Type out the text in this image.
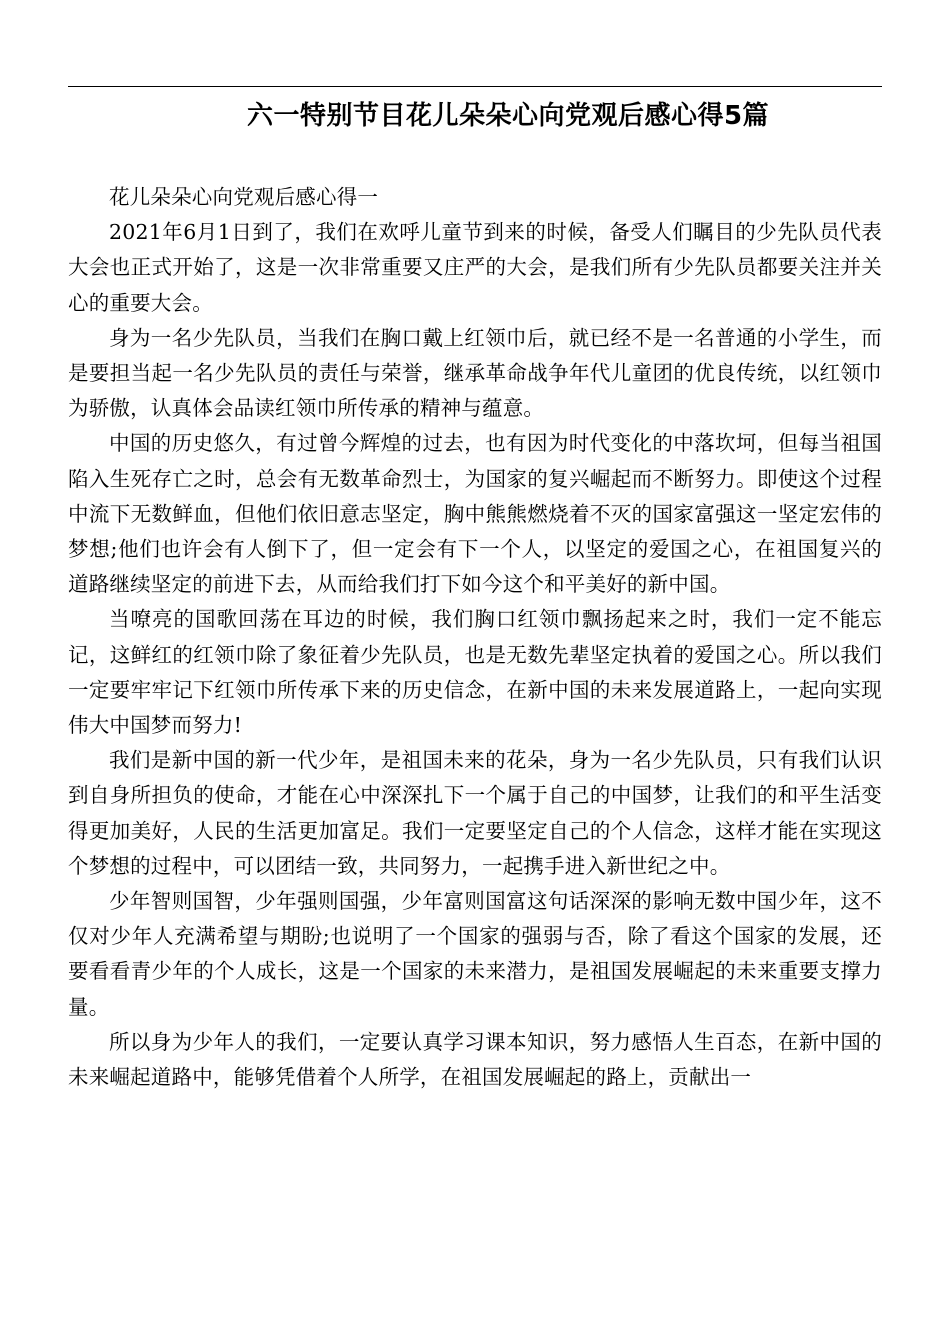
六一特别节目花儿朵朵心向党观后感心得5篇

花儿朵朵心向党观后感心得一

2021年6月1日到了，我们在欢呼儿童节到来的时候，备受人们瞩目的少先队员代表大会也正式开始了，这是一次非常重要又庄严的大会，是我们所有少先队员都要关注并关心的重要大会。

身为一名少先队员，当我们在胸口戴上红领巾后，就已经不是一名普通的小学生，而是要担当起一名少先队员的责任与荣誉，继承革命战争年代儿童团的优良传统，以红领巾为骄傲，认真体会品读红领巾所传承的精神与蕴意。

中国的历史悠久，有过曾今辉煌的过去，也有因为时代变化的中落坎坷，但每当祖国陷入生死存亡之时，总会有无数革命烈士，为国家的复兴崛起而不断努力。即使这个过程中流下无数鲜血，但他们依旧意志坚定，胸中熊熊燃烧着不灭的国家富强这一坚定宏伟的梦想;他们也许会有人倒下了，但一定会有下一个人，以坚定的爱国之心，在祖国复兴的道路继续坚定的前进下去，从而给我们打下如今这个和平美好的新中国。

当嘹亮的国歌回荡在耳边的时候，我们胸口红领巾飘扬起来之时，我们一定不能忘记，这鲜红的红领巾除了象征着少先队员，也是无数先辈坚定执着的爱国之心。所以我们一定要牢牢记下红领巾所传承下来的历史信念，在新中国的未来发展道路上，一起向实现伟大中国梦而努力!

我们是新中国的新一代少年，是祖国未来的花朵，身为一名少先队员，只有我们认识到自身所担负的使命，才能在心中深深扎下一个属于自己的中国梦，让我们的和平生活变得更加美好，人民的生活更加富足。我们一定要坚定自己的个人信念，这样才能在实现这个梦想的过程中，可以团结一致，共同努力，一起携手进入新世纪之中。

少年智则国智，少年强则国强，少年富则国富这句话深深的影响无数中国少年，这不仅对少年人充满希望与期盼;也说明了一个国家的强弱与否，除了看这个国家的发展，还要看看青少年的个人成长，这是一个国家的未来潜力，是祖国发展崛起的未来重要支撑力量。

所以身为少年人的我们，一定要认真学习课本知识，努力感悟人生百态，在新中国的未来崛起道路中，能够凭借着个人所学，在祖国发展崛起的路上，贡献出一
